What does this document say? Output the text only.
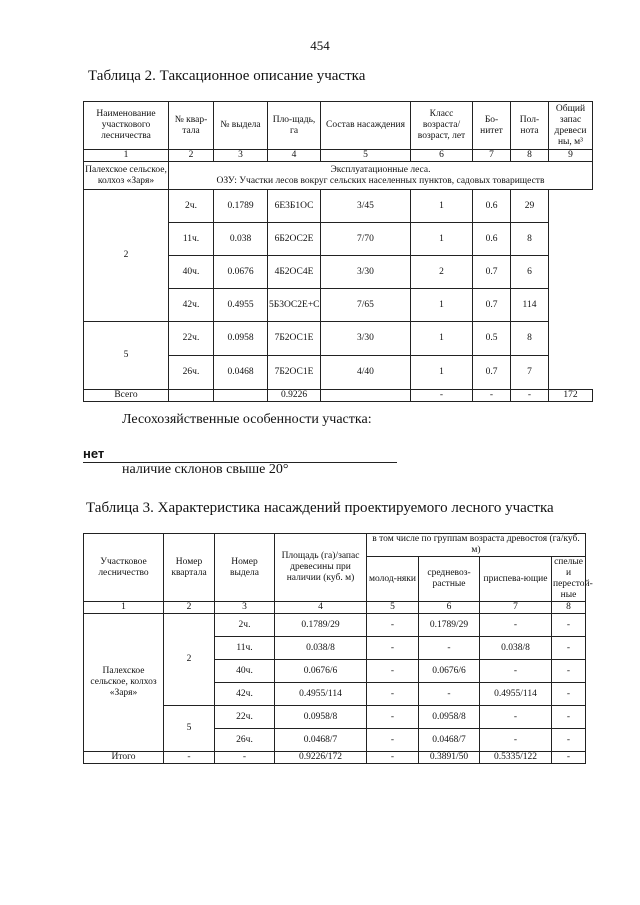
454
Таблица 2. Таксационное описание участка
Наименование участкового лесничества	№ квар-тала	№ выдела	Пло-щадь, га	Состав насаждения	Класс возраста/ возраст, лет	Бо-нитет	Пол-нота	Общий запас древеси ны, м³
1	2	3	4	5	6	7	8	9
Палехское сельское, колхоз «Заря»	Эксплуатационные леса.
ОЗУ: Участки лесов вокруг сельских населенных пунктов, садовых товариществ							
2	2ч.	0.1789	6Е3Б1ОС	3/45	1	0.6	29	
	11ч.	0.038	6Б2ОС2Е	7/70	1	0.6	8	
	40ч.	0.0676	4Б2ОС4Е	3/30	2	0.7	6	
	42ч.	0.4955	5Б3ОС2Е+С	7/65	1	0.7	114	
5	22ч.	0.0958	7Б2ОС1Е	3/30	1	0.5	8	
	26ч.	0.0468	7Б2ОС1Е	4/40	1	0.7	7	
Всего			0.9226		-	-	-	172
Лесохозяйственные особенности участка:
нет
наличие склонов свыше 20°
Таблица 3. Характеристика насаждений проектируемого лесного участка
Участковое лесничество	Номер квартала	Номер выдела	Площадь (га)/запас древесины при наличии (куб. м)	в том числе по группам возраста древостоя (га/куб. м)			
				молод-няки	средневоз-растные	приспева-ющие	спелые и перестой-ные
1	2	3	4	5	6	7	8
Палехское сельское, колхоз «Заря»	2	2ч.	0.1789/29	-	0.1789/29	-	-
		11ч.	0.038/8	-	-	0.038/8	-
		40ч.	0.0676/6	-	0.0676/6	-	-
		42ч.	0.4955/114	-	-	0.4955/114	-
	5	22ч.	0.0958/8	-	0.0958/8	-	-
		26ч.	0.0468/7	-	0.0468/7	-	-
Итого	-	-	0.9226/172	-	0.3891/50	0.5335/122	-
